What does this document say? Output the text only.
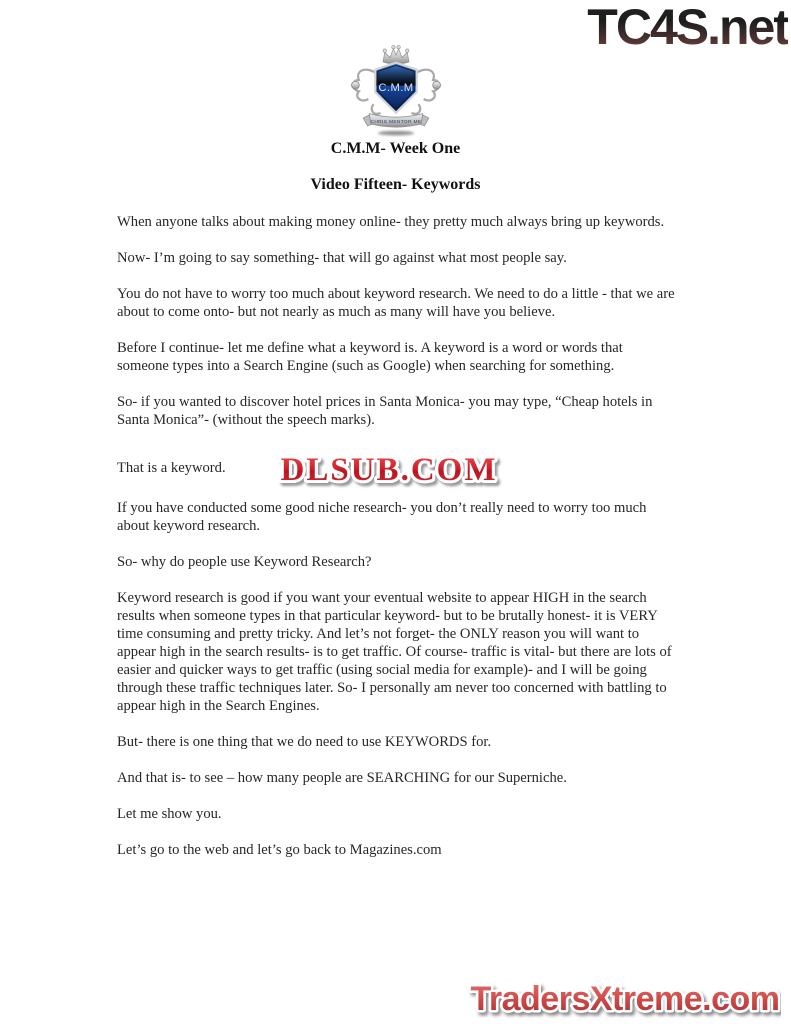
TC4S.net
C.M.M
CHRIS MENTOR ME
C.M.M- Week One
Video Fifteen- Keywords

When anyone talks about making money online- they pretty much always bring up keywords.

Now- I’m going to say something- that will go against what most people say.

You do not have to worry too much about keyword research. We need to do a little - that we are about to come onto- but not nearly as much as many will have you believe.

Before I continue- let me define what a keyword is. A keyword is a word or words that someone types into a Search Engine (such as Google) when searching for something.

So- if you wanted to discover hotel prices in Santa Monica- you may type, “Cheap hotels in Santa Monica”- (without the speech marks).

That is a keyword. DLSUB.COM

If you have conducted some good niche research- you don’t really need to worry too much about keyword research.

So- why do people use Keyword Research?

Keyword research is good if you want your eventual website to appear HIGH in the search results when someone types in that particular keyword- but to be brutally honest- it is VERY time consuming and pretty tricky. And let’s not forget- the ONLY reason you will want to appear high in the search results- is to get traffic. Of course- traffic is vital- but there are lots of easier and quicker ways to get traffic (using social media for example)- and I will be going through these traffic techniques later. So- I personally am never too concerned with battling to appear high in the Search Engines.

But- there is one thing that we do need to use KEYWORDS for.

And that is- to see – how many people are SEARCHING for our Superniche.

Let me show you.

Let’s go to the web and let’s go back to Magazines.com

TradersXtreme.com
